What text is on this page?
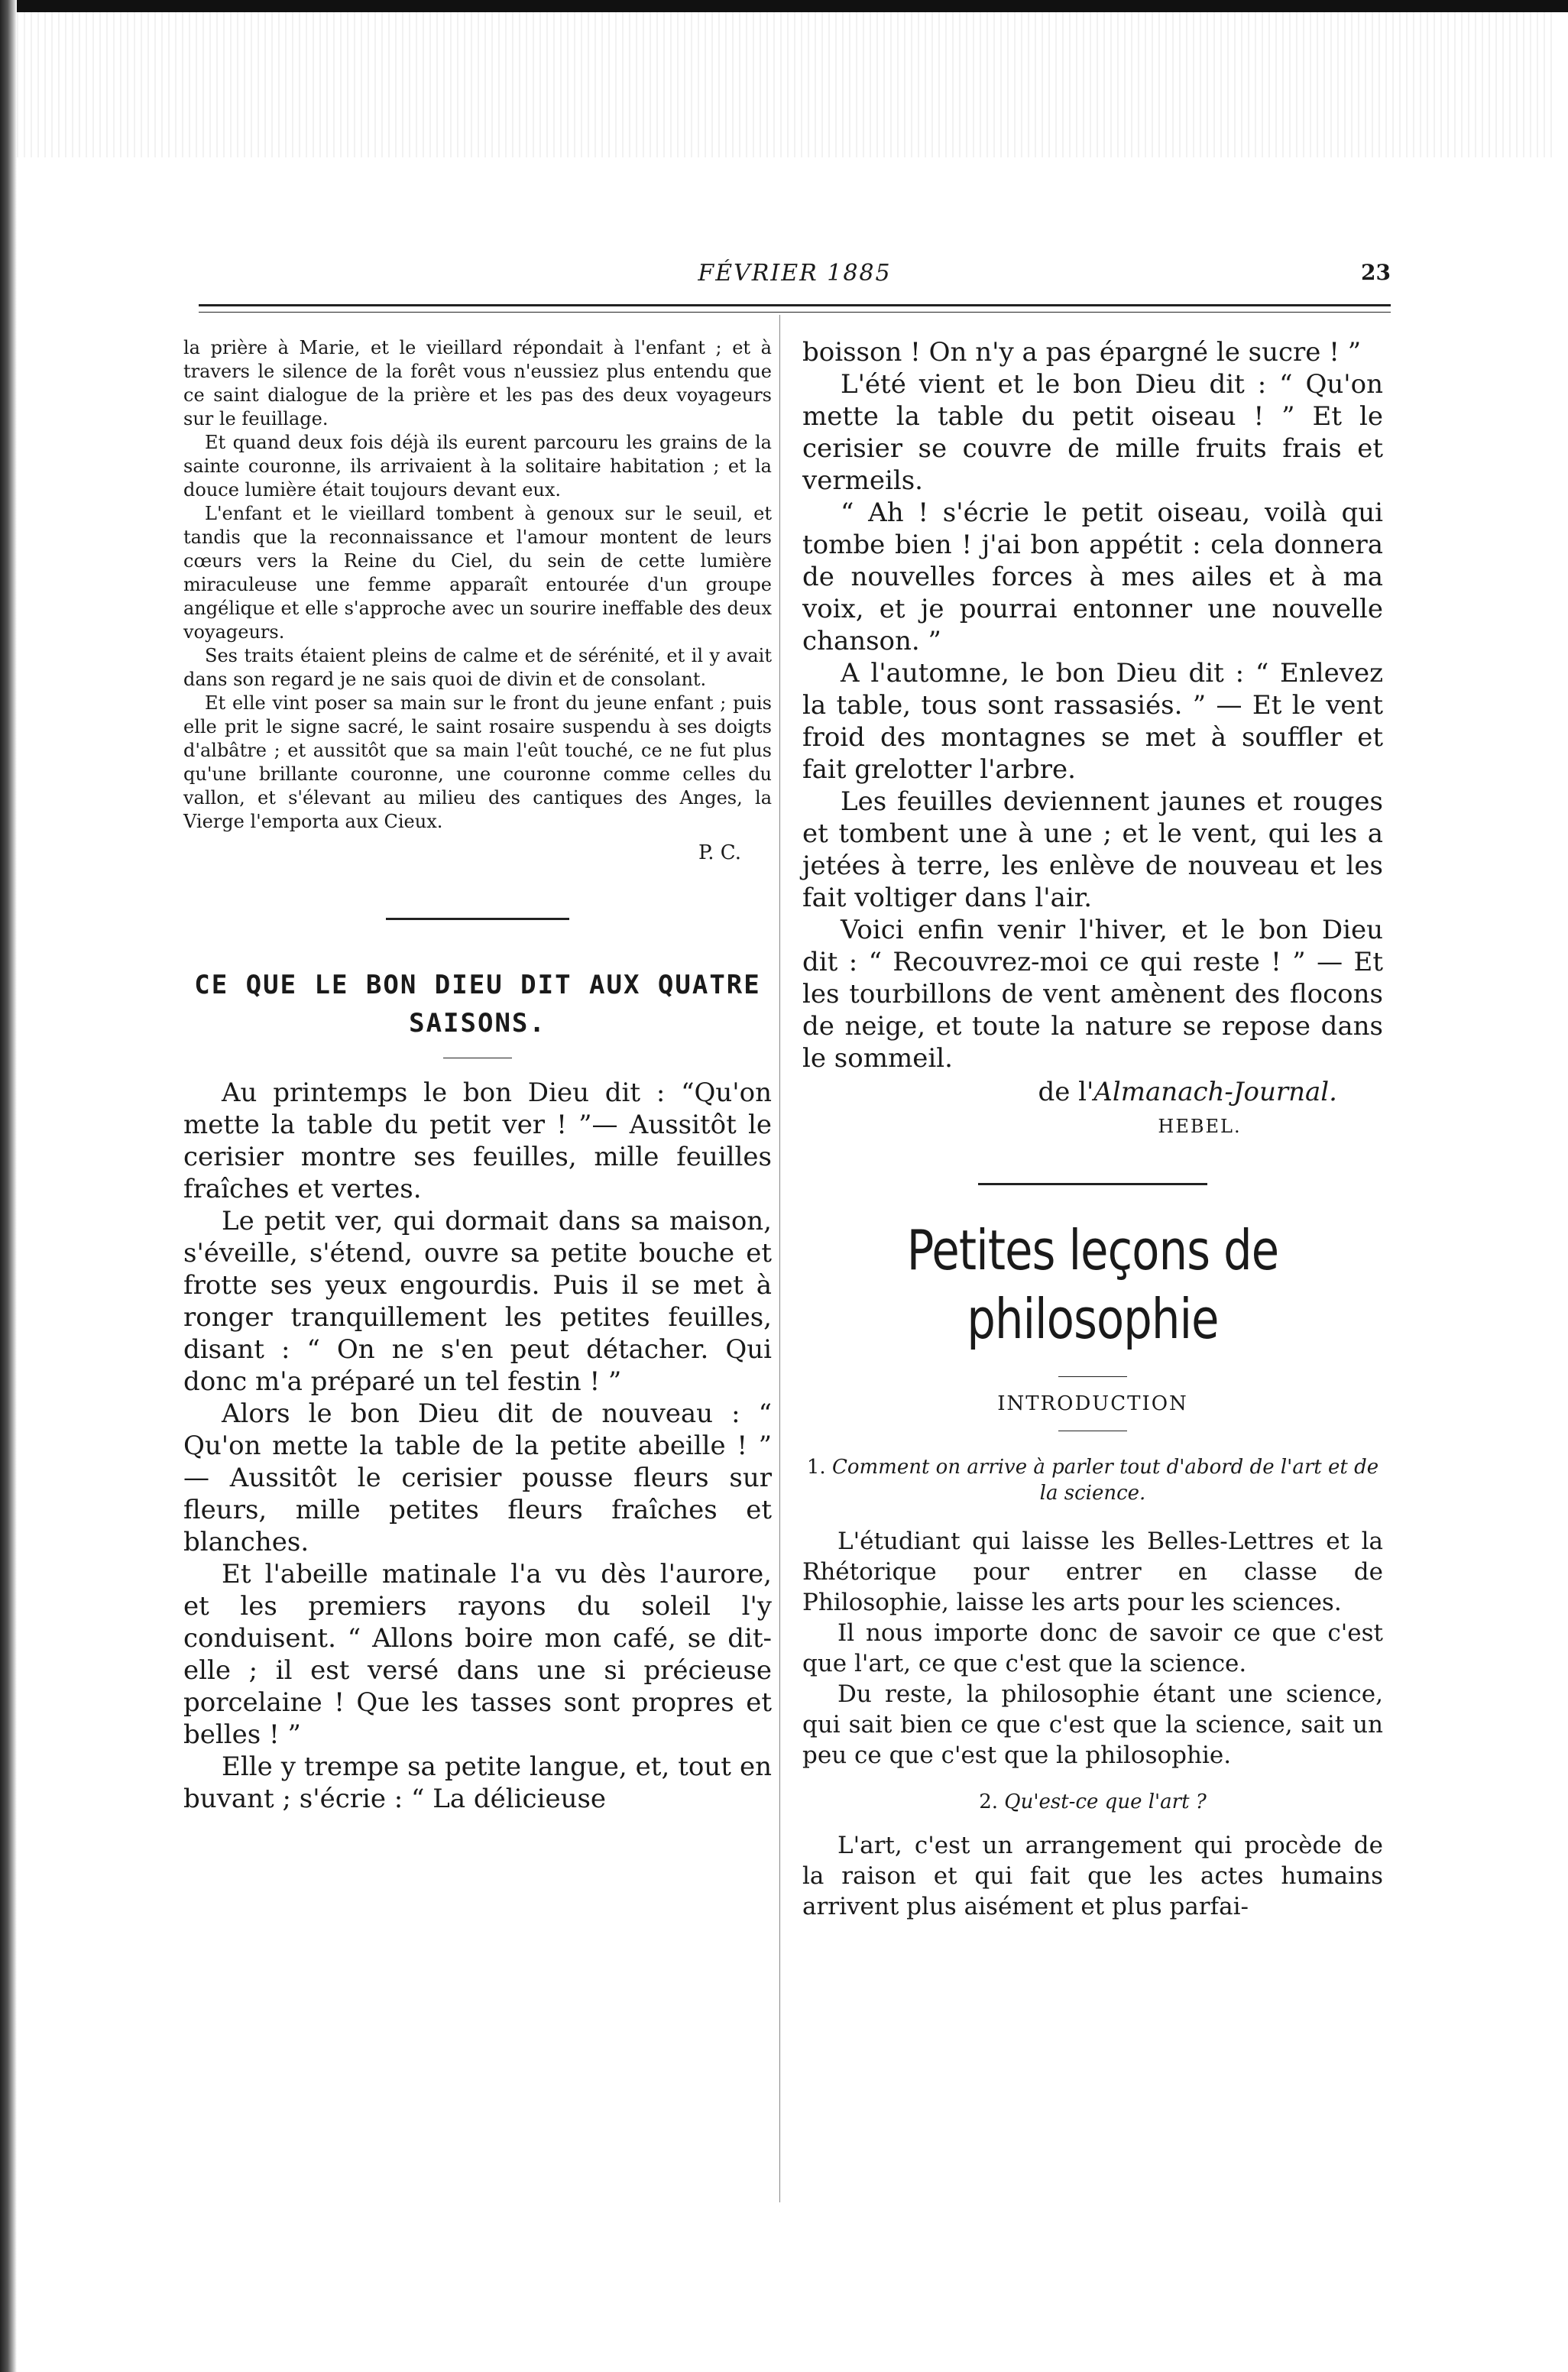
FÉVRIER 1885	23

la prière à Marie, et le vieillard répondait à l'enfant ; et à travers le silence de la forêt vous n'eussiez plus entendu que ce saint dialogue de la prière et les pas des deux voyageurs sur le feuillage.

Et quand deux fois déjà ils eurent parcouru les grains de la sainte couronne, ils arrivaient à la solitaire habitation ; et la douce lumière était toujours devant eux.

L'enfant et le vieillard tombent à genoux sur le seuil, et tandis que la reconnaissance et l'amour montent de leurs cœurs vers la Reine du Ciel, du sein de cette lumière miraculeuse une femme apparaît entourée d'un groupe angélique et elle s'approche avec un sourire ineffable des deux voyageurs.

Ses traits étaient pleins de calme et de sérénité, et il y avait dans son regard je ne sais quoi de divin et de consolant.

Et elle vint poser sa main sur le front du jeune enfant ; puis elle prit le signe sacré, le saint rosaire suspendu à ses doigts d'albâtre ; et aussitôt que sa main l'eût touché, ce ne fut plus qu'une brillante couronne, une couronne comme celles du vallon, et s'élevant au milieu des cantiques des Anges, la Vierge l'emporta aux Cieux.

P. C.
CE QUE LE BON DIEU DIT AUX QUATRE SAISONS.

Au printemps le bon Dieu dit : “Qu'on mette la table du petit ver ! ”— Aussitôt le cerisier montre ses feuilles, mille feuilles fraîches et vertes.

Le petit ver, qui dormait dans sa maison, s'éveille, s'étend, ouvre sa petite bouche et frotte ses yeux engourdis. Puis il se met à ronger tranquillement les petites feuilles, disant : “ On ne s'en peut détacher. Qui donc m'a préparé un tel festin ! ”

Alors le bon Dieu dit de nouveau : “ Qu'on mette la table de la petite abeille ! ” — Aussitôt le cerisier pousse fleurs sur fleurs, mille petites fleurs fraîches et blanches.

Et l'abeille matinale l'a vu dès l'aurore, et les premiers rayons du soleil l'y conduisent. “ Allons boire mon café, se dit-elle ; il est versé dans une si précieuse porcelaine ! Que les tasses sont propres et belles ! ”

Elle y trempe sa petite langue, et, tout en buvant ; s'écrie : “ La délicieuse

boisson ! On n'y a pas épargné le sucre ! ”

L'été vient et le bon Dieu dit : “ Qu'on mette la table du petit oiseau ! ” Et le cerisier se couvre de mille fruits frais et vermeils.

“ Ah ! s'écrie le petit oiseau, voilà qui tombe bien ! j'ai bon appétit : cela donnera de nouvelles forces à mes ailes et à ma voix, et je pourrai entonner une nouvelle chanson. ”

A l'automne, le bon Dieu dit : “ Enlevez la table, tous sont rassasiés. ” — Et le vent froid des montagnes se met à souffler et fait grelotter l'arbre.

Les feuilles deviennent jaunes et rouges et tombent une à une ; et le vent, qui les a jetées à terre, les enlève de nouveau et les fait voltiger dans l'air.

Voici enfin venir l'hiver, et le bon Dieu dit : “ Recouvrez-moi ce qui reste ! ” — Et les tourbillons de vent amènent des flocons de neige, et toute la nature se repose dans le sommeil.

de l'Almanach-Journal.
HEBEL.
Petites leçons de philosophie
INTRODUCTION
1. Comment on arrive à parler tout d'abord de l'art et de la science.

L'étudiant qui laisse les Belles-Lettres et la Rhétorique pour entrer en classe de Philosophie, laisse les arts pour les sciences.

Il nous importe donc de savoir ce que c'est que l'art, ce que c'est que la science.

Du reste, la philosophie étant une science, qui sait bien ce que c'est que la science, sait un peu ce que c'est que la philosophie.

2. Qu'est-ce que l'art ?

L'art, c'est un arrangement qui procède de la raison et qui fait que les actes humains arrivent plus aisément et plus parfai-
